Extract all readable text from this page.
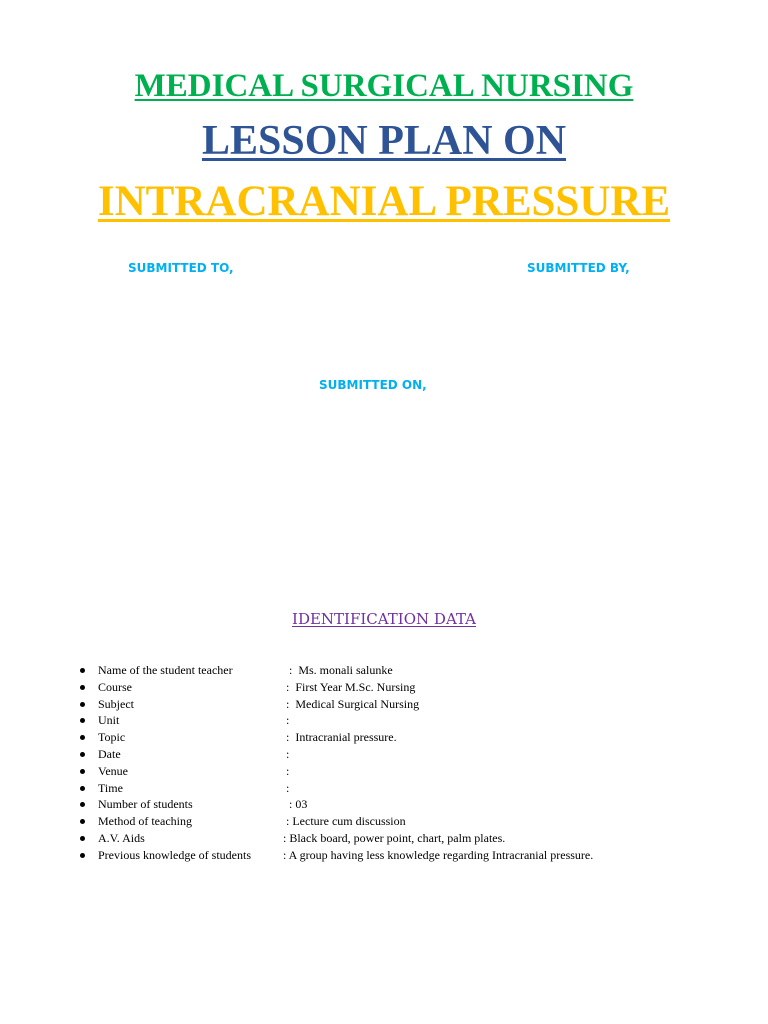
MEDICAL SURGICAL NURSING
LESSON PLAN ON
INTRACRANIAL PRESSURE
SUBMITTED TO,	SUBMITTED BY,
SUBMITTED ON,
IDENTIFICATION DATA
Name of the student teacher	:  Ms. monali salunke
Course	:  First Year M.Sc. Nursing
Subject	:  Medical Surgical Nursing
Unit	:
Topic	:  Intracranial pressure.
Date	:
Venue	:
Time	:
Number of students	: 03
Method of teaching	: Lecture cum discussion
A.V. Aids	: Black board, power point, chart, palm plates.
Previous knowledge of students	: A group having less knowledge regarding Intracranial pressure.
